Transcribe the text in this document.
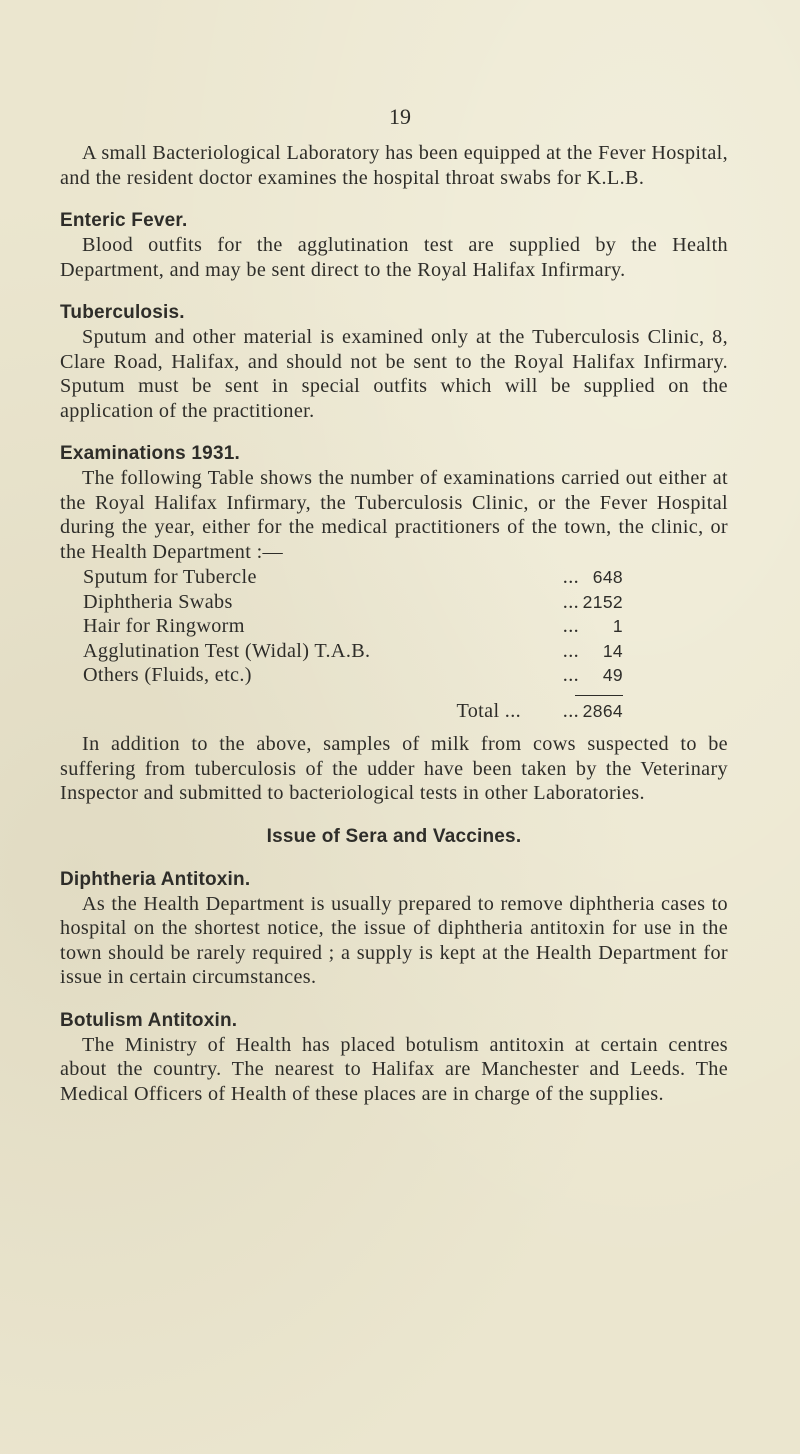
19

A small Bacteriological Laboratory has been equipped at the Fever Hospital, and the resident doctor examines the hospital throat swabs for K.L.B.

Enteric Fever.

Blood outfits for the agglutination test are supplied by the Health Department, and may be sent direct to the Royal Halifax Infirmary.

Tuberculosis.

Sputum and other material is examined only at the Tuberculosis Clinic, 8, Clare Road, Halifax, and should not be sent to the Royal Halifax Infirmary. Sputum must be sent in special outfits which will be supplied on the application of the practitioner.

Examinations 1931.

The following Table shows the number of examinations carried out either at the Royal Halifax Infirmary, the Tuberculosis Clinic, or the Fever Hospital during the year, either for the medical practitioners of the town, the clinic, or the Health Department :—

Sputum for Tubercle	... 648
Diphtheria Swabs	... 2152
Hair for Ringworm	...	1
Agglutination Test (Widal) T.A.B.	...	14
Others (Fluids, etc.)	...	49
Total ...	... 2864

In addition to the above, samples of milk from cows suspected to be suffering from tuberculosis of the udder have been taken by the Veterinary Inspector and submitted to bacteriological tests in other Laboratories.

Issue of Sera and Vaccines.
Diphtheria Antitoxin.

As the Health Department is usually prepared to remove diphtheria cases to hospital on the shortest notice, the issue of diphtheria antitoxin for use in the town should be rarely required ; a supply is kept at the Health Department for issue in certain circumstances.

Botulism Antitoxin.

The Ministry of Health has placed botulism antitoxin at certain centres about the country. The nearest to Halifax are Manchester and Leeds. The Medical Officers of Health of these places are in charge of the supplies.
